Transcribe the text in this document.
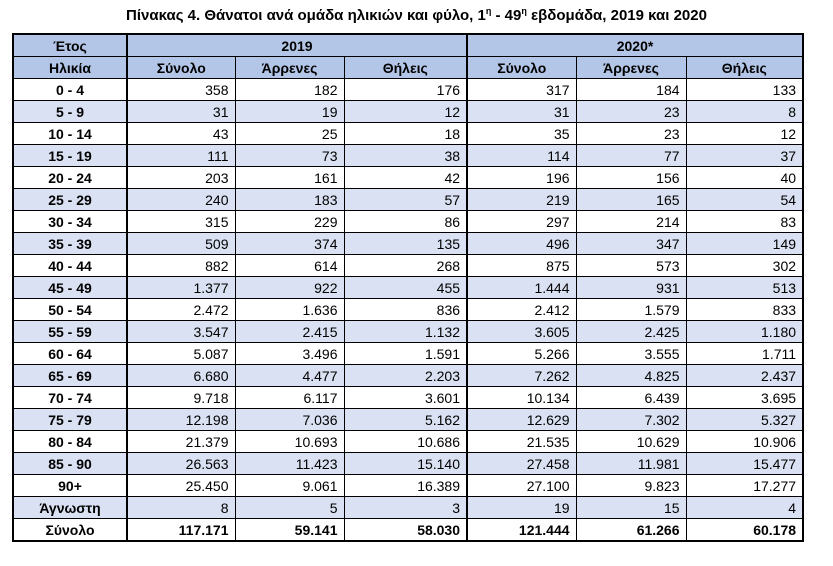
Πίνακας 4. Θάνατοι ανά ομάδα ηλικιών και φύλο, $1^\eta - 49^\eta$ εβδομάδα, 2019 και 2020
Έτος	2019			2020*		
Ηλικία	Σύνολο	Άρρενες	Θήλεις	Σύνολο	Άρρενες	Θήλεις
0 - 4	358	182	176	317	184	133
5 - 9	31	19	12	31	23	8
10 - 14	43	25	18	35	23	12
15 - 19	111	73	38	114	77	37
20 - 24	203	161	42	196	156	40
25 - 29	240	183	57	219	165	54
30 - 34	315	229	86	297	214	83
35 - 39	509	374	135	496	347	149
40 - 44	882	614	268	875	573	302
45 - 49	1.377	922	455	1.444	931	513
50 - 54	2.472	1.636	836	2.412	1.579	833
55 - 59	3.547	2.415	1.132	3.605	2.425	1.180
60 - 64	5.087	3.496	1.591	5.266	3.555	1.711
65 - 69	6.680	4.477	2.203	7.262	4.825	2.437
70 - 74	9.718	6.117	3.601	10.134	6.439	3.695
75 - 79	12.198	7.036	5.162	12.629	7.302	5.327
80 - 84	21.379	10.693	10.686	21.535	10.629	10.906
85 - 90	26.563	11.423	15.140	27.458	11.981	15.477
90+	25.450	9.061	16.389	27.100	9.823	17.277
Άγνωστη	8	5	3	19	15	4
Σύνολο	117.171	59.141	58.030	121.444	61.266	60.178
